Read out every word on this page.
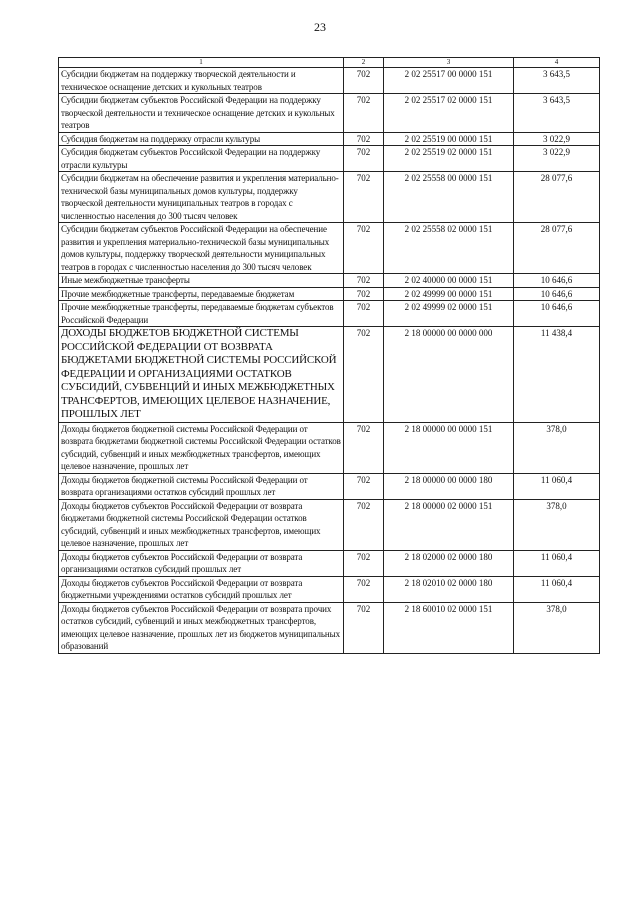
23
1	2	3	4
Субсидии бюджетам на поддержку творческой деятельности и техническое оснащение детских и кукольных театров	702	2 02 25517 00 0000 151	3 643,5
Субсидии бюджетам субъектов Российской Федерации на поддержку творческой деятельности и техническое оснащение детских и кукольных театров	702	2 02 25517 02 0000 151	3 643,5
Субсидия бюджетам на поддержку отрасли культуры	702	2 02 25519 00 0000 151	3 022,9
Субсидия бюджетам субъектов Российской Федерации на поддержку отрасли культуры	702	2 02 25519 02 0000 151	3 022,9
Субсидии бюджетам на обеспечение развития и укрепления материально-технической базы муниципальных домов культуры, поддержку творческой деятельности муниципальных театров в городах с численностью населения до 300 тысяч человек	702	2 02 25558 00 0000 151	28 077,6
Субсидии бюджетам субъектов Российской Федерации на обеспечение развития и укрепления материально-технической базы муниципальных домов культуры, поддержку творческой деятельности муниципальных театров в городах с численностью населения до 300 тысяч человек	702	2 02 25558 02 0000 151	28 077,6
Иные межбюджетные трансферты	702	2 02 40000 00 0000 151	10 646,6
Прочие межбюджетные трансферты, передаваемые бюджетам	702	2 02 49999 00 0000 151	10 646,6
Прочие межбюджетные трансферты, передаваемые бюджетам субъектов Российской Федерации	702	2 02 49999 02 0000 151	10 646,6
ДОХОДЫ БЮДЖЕТОВ БЮДЖЕТНОЙ СИСТЕМЫ РОССИЙСКОЙ ФЕДЕРАЦИИ ОТ ВОЗВРАТА БЮДЖЕТАМИ БЮДЖЕТНОЙ СИСТЕМЫ РОССИЙСКОЙ ФЕДЕРАЦИИ И ОРГАНИЗАЦИЯМИ ОСТАТКОВ СУБСИДИЙ, СУБВЕНЦИЙ И ИНЫХ МЕЖБЮДЖЕТНЫХ ТРАНСФЕРТОВ, ИМЕЮЩИХ ЦЕЛЕВОЕ НАЗНАЧЕНИЕ, ПРОШЛЫХ ЛЕТ	702	2 18 00000 00 0000 000	11 438,4
Доходы бюджетов бюджетной системы Российской Федерации от возврата бюджетами бюджетной системы Российской Федерации остатков субсидий, субвенций и иных межбюджетных трансфертов, имеющих целевое назначение, прошлых лет	702	2 18 00000 00 0000 151	378,0
Доходы бюджетов бюджетной системы Российской Федерации от возврата организациями остатков субсидий прошлых лет	702	2 18 00000 00 0000 180	11 060,4
Доходы бюджетов субъектов Российской Федерации от возврата бюджетами бюджетной системы Российской Федерации остатков субсидий, субвенций и иных межбюджетных трансфертов, имеющих целевое назначение, прошлых лет	702	2 18 00000 02 0000 151	378,0
Доходы бюджетов субъектов Российской Федерации от возврата организациями остатков субсидий прошлых лет	702	2 18 02000 02 0000 180	11 060,4
Доходы бюджетов субъектов Российской Федерации от возврата бюджетными учреждениями остатков субсидий прошлых лет	702	2 18 02010 02 0000 180	11 060,4
Доходы бюджетов субъектов Российской Федерации от возврата прочих остатков субсидий, субвенций и иных межбюджетных трансфертов, имеющих целевое назначение, прошлых лет из бюджетов муниципальных образований	702	2 18 60010 02 0000 151	378,0
